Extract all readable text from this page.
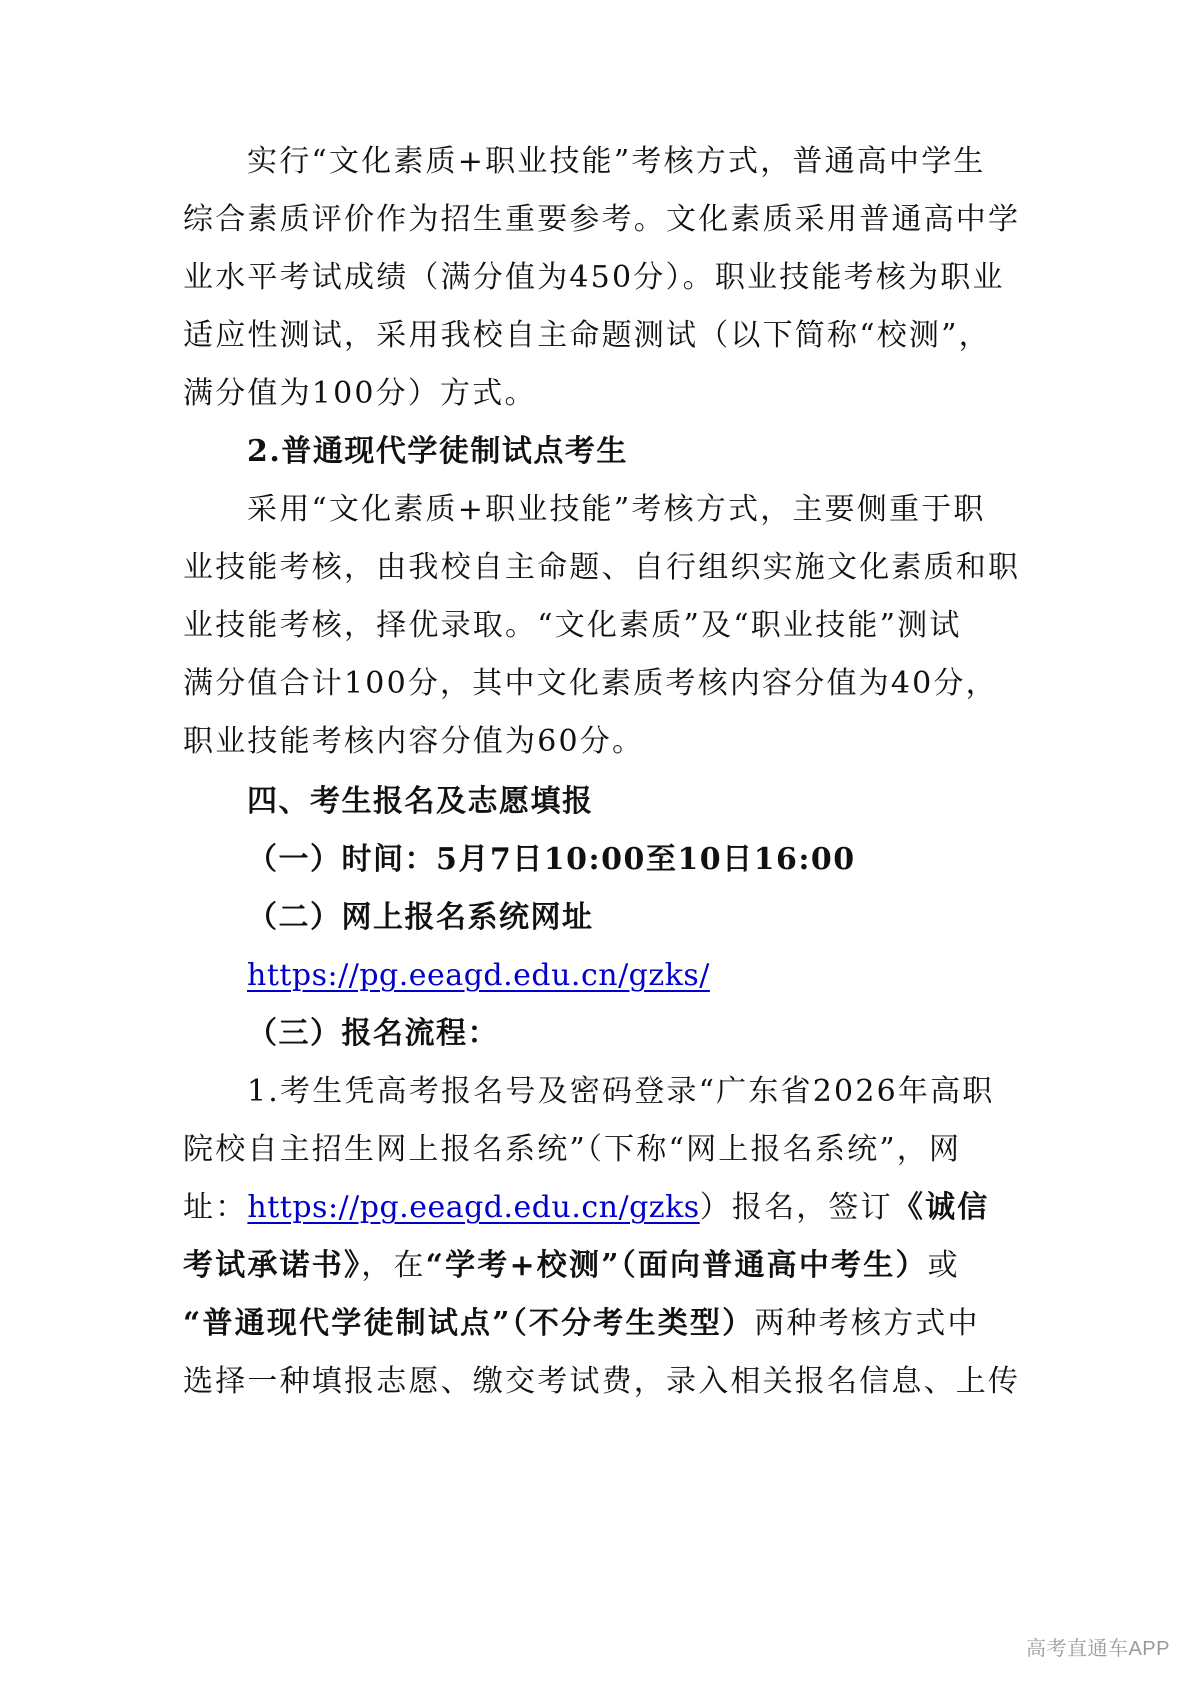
实行“文化素质+职业技能”考核方式，普通高中学生
综合素质评价作为招生重要参考。文化素质采用普通高中学
业水平考试成绩（满分值为450分）。职业技能考核为职业
适应性测试，采用我校自主命题测试（以下简称“校测”，
满分值为100分）方式。
2.普通现代学徒制试点考生
采用“文化素质+职业技能”考核方式，主要侧重于职
业技能考核，由我校自主命题、自行组织实施文化素质和职
业技能考核，择优录取。“文化素质”及“职业技能”测试
满分值合计100分，其中文化素质考核内容分值为40分，
职业技能考核内容分值为60分。
四、考生报名及志愿填报
（一）时间：5月7日10:00至10日16:00
（二）网上报名系统网址
https://pg.eeagd.edu.cn/gzks/
（三）报名流程：
1.考生凭高考报名号及密码登录“广东省2026年高职
院校自主招生网上报名系统”（下称“网上报名系统”，网
址：https://pg.eeagd.edu.cn/gzks）报名，签订《诚信
考试承诺书》，在“学考+校测”（面向普通高中考生）或
“普通现代学徒制试点”（不分考生类型）两种考核方式中
选择一种填报志愿、缴交考试费，录入相关报名信息、上传
高考直通车APP
